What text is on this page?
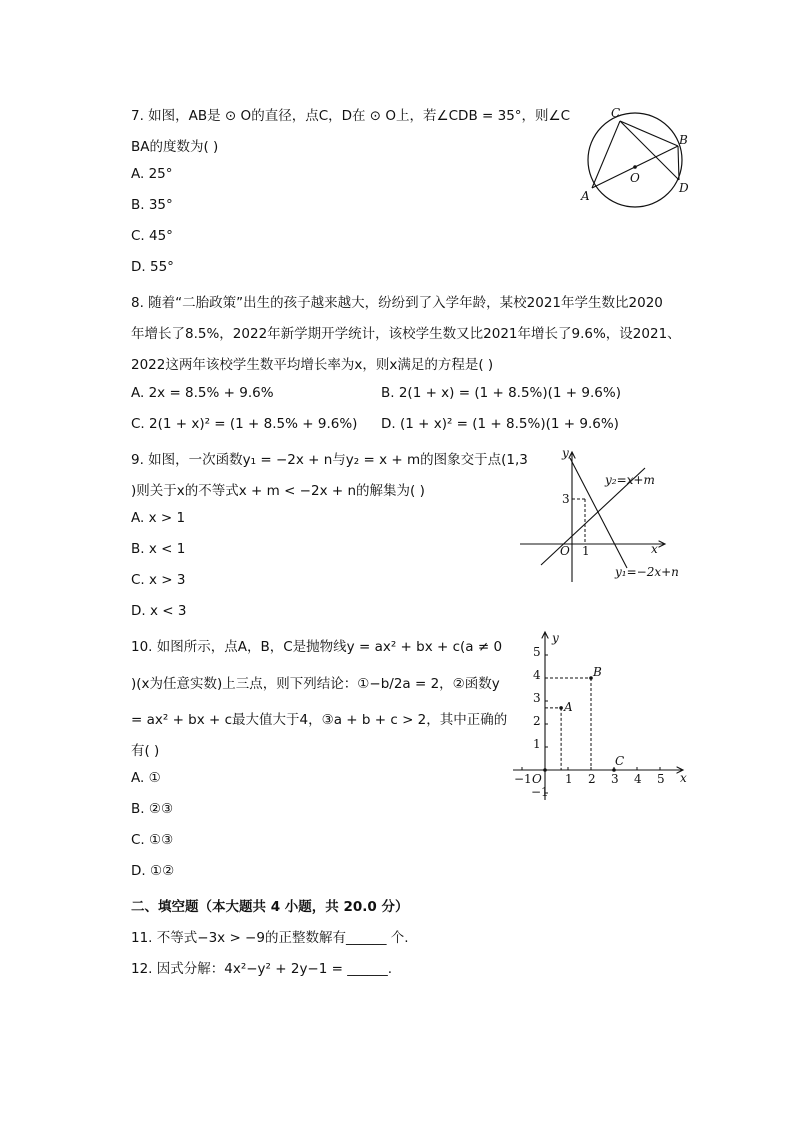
7. 如图，AB是 ⊙ O的直径，点C，D在 ⊙ O上，若∠CDB = 35°，则∠C
BA的度数为( )
A. 25°
B. 35°
C. 45°
D. 55°
C
B
O
D
A
8. 随着“二胎政策”出生的孩子越来越大，纷纷到了入学年龄，某校2021年学生数比2020
年增长了8.5%，2022年新学期开学统计，该校学生数又比2021年增长了9.6%，设2021、
2022这两年该校学生数平均增长率为x，则x满足的方程是( )
A. 2x = 8.5% + 9.6%	B. 2(1 + x) = (1 + 8.5%)(1 + 9.6%)
C. 2(1 + x)² = (1 + 8.5% + 9.6%) D. (1 + x)² = (1 + 8.5%)(1 + 9.6%)
9. 如图，一次函数y₁ = −2x + n与y₂ = x + m的图象交于点(1,3
)则关于x的不等式x + m < −2x + n的解集为( )
A. x > 1
B. x < 1
C. x > 3
D. x < 3
y
x
O
3
1
y₂=x+m
y₁=−2x+n
10. 如图所示，点A，B，C是抛物线y = ax² + bx + c(a ≠ 0
)(x为任意实数)上三点，则下列结论：①−b/2a = 2，②函数y
= ax² + bx + c最大值大于4，③a + b + c > 2，其中正确的
有( )
A. ①
B. ②③
C. ①③
D. ①②
y
x
O
5
4
3
2
1
−1
−1	1 2 3 4 5
A
B
C
二、填空题（本大题共 4 小题，共 20.0 分）
11. 不等式−3x > −9的正整数解有______ 个.
12. 因式分解：4x²−y² + 2y−1 = ______.
